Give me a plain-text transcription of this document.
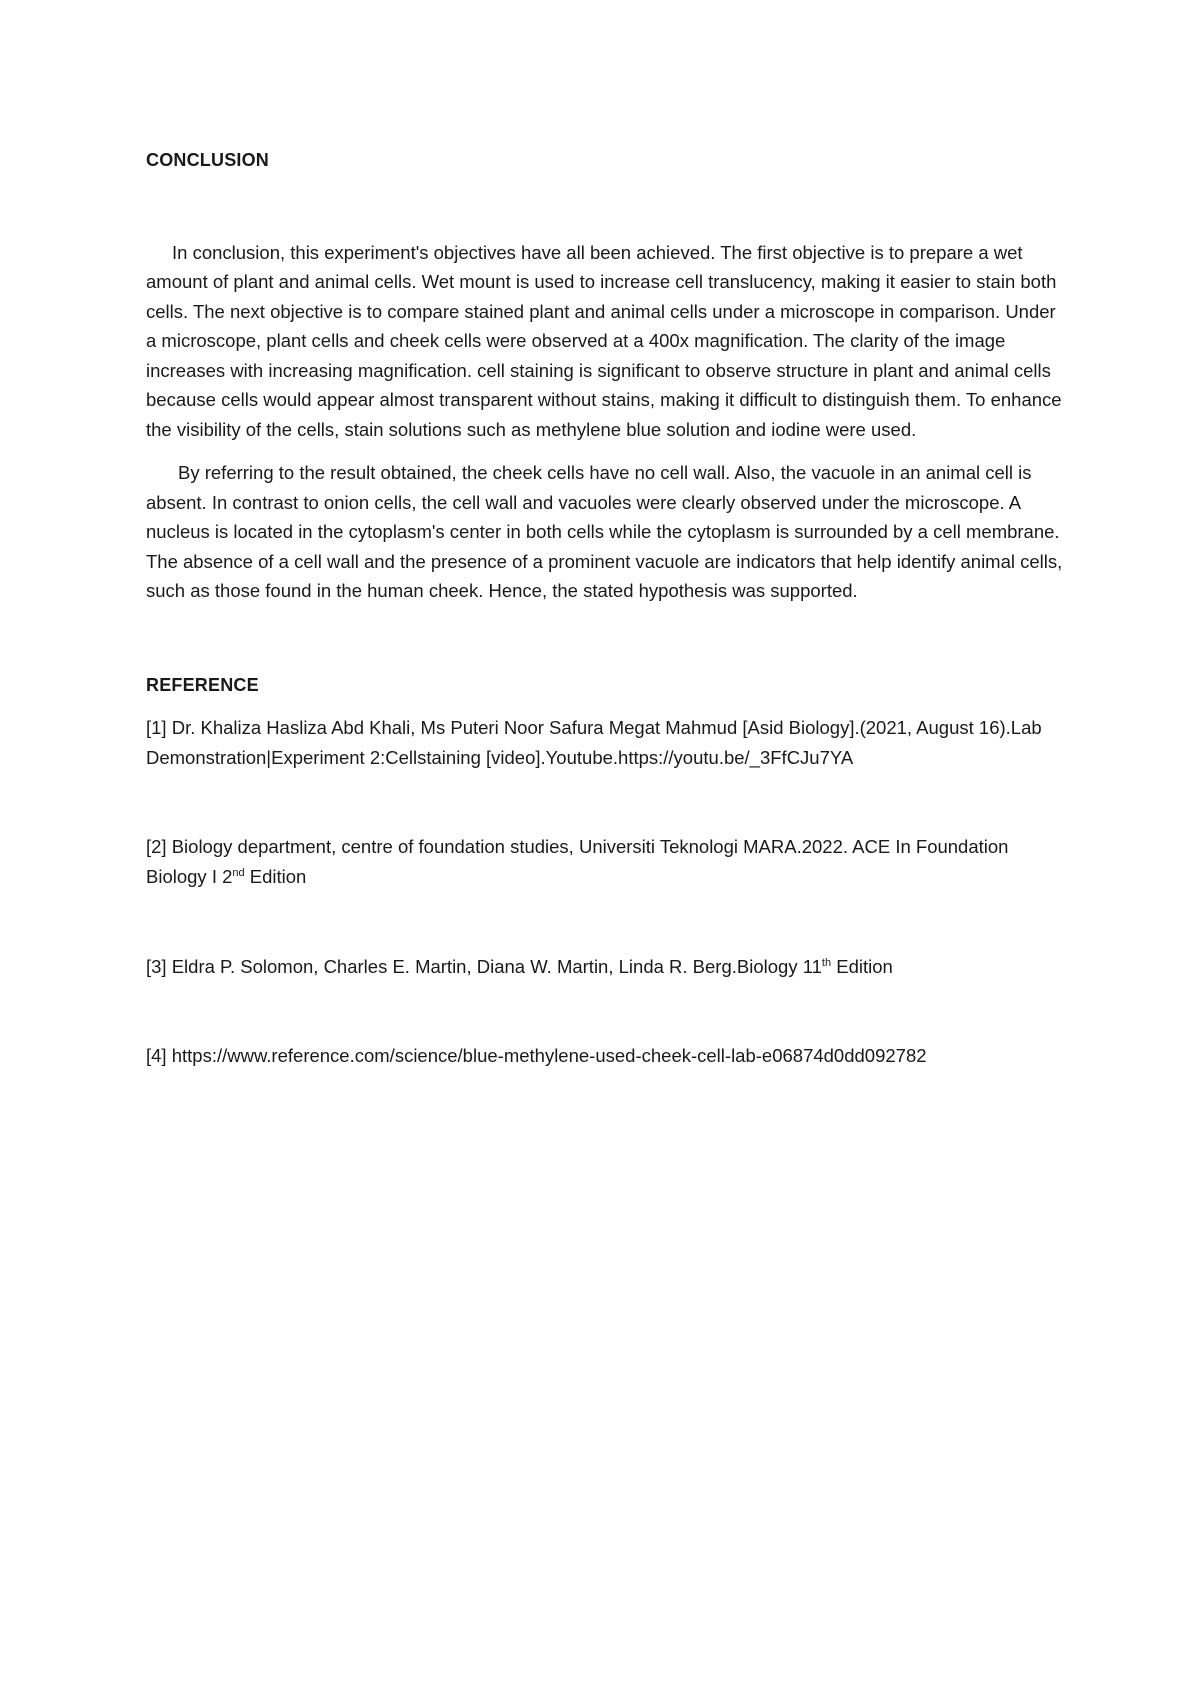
CONCLUSION

In conclusion, this experiment's objectives have all been achieved. The first objective is to prepare a wet amount of plant and animal cells. Wet mount is used to increase cell translucency, making it easier to stain both cells. The next objective is to compare stained plant and animal cells under a microscope in comparison. Under a microscope, plant cells and cheek cells were observed at a 400x magnification. The clarity of the image increases with increasing magnification. cell staining is significant to observe structure in plant and animal cells because cells would appear almost transparent without stains, making it difficult to distinguish them. To enhance the visibility of the cells, stain solutions such as methylene blue solution and iodine were used.

By referring to the result obtained, the cheek cells have no cell wall. Also, the vacuole in an animal cell is absent. In contrast to onion cells, the cell wall and vacuoles were clearly observed under the microscope. A nucleus is located in the cytoplasm's center in both cells while the cytoplasm is surrounded by a cell membrane. The absence of a cell wall and the presence of a prominent vacuole are indicators that help identify animal cells, such as those found in the human cheek. Hence, the stated hypothesis was supported.

REFERENCE

[1] Dr. Khaliza Hasliza Abd Khali, Ms Puteri Noor Safura Megat Mahmud [Asid Biology].(2021, August 16).Lab Demonstration|Experiment 2:Cellstaining [video].Youtube.https://youtu.be/_3FfCJu7YA

[2] Biology department, centre of foundation studies, Universiti Teknologi MARA.2022. ACE In Foundation Biology I 2nd Edition

[3] Eldra P. Solomon, Charles E. Martin, Diana W. Martin, Linda R. Berg.Biology 11th Edition

[4] https://www.reference.com/science/blue-methylene-used-cheek-cell-lab-e06874d0dd092782
